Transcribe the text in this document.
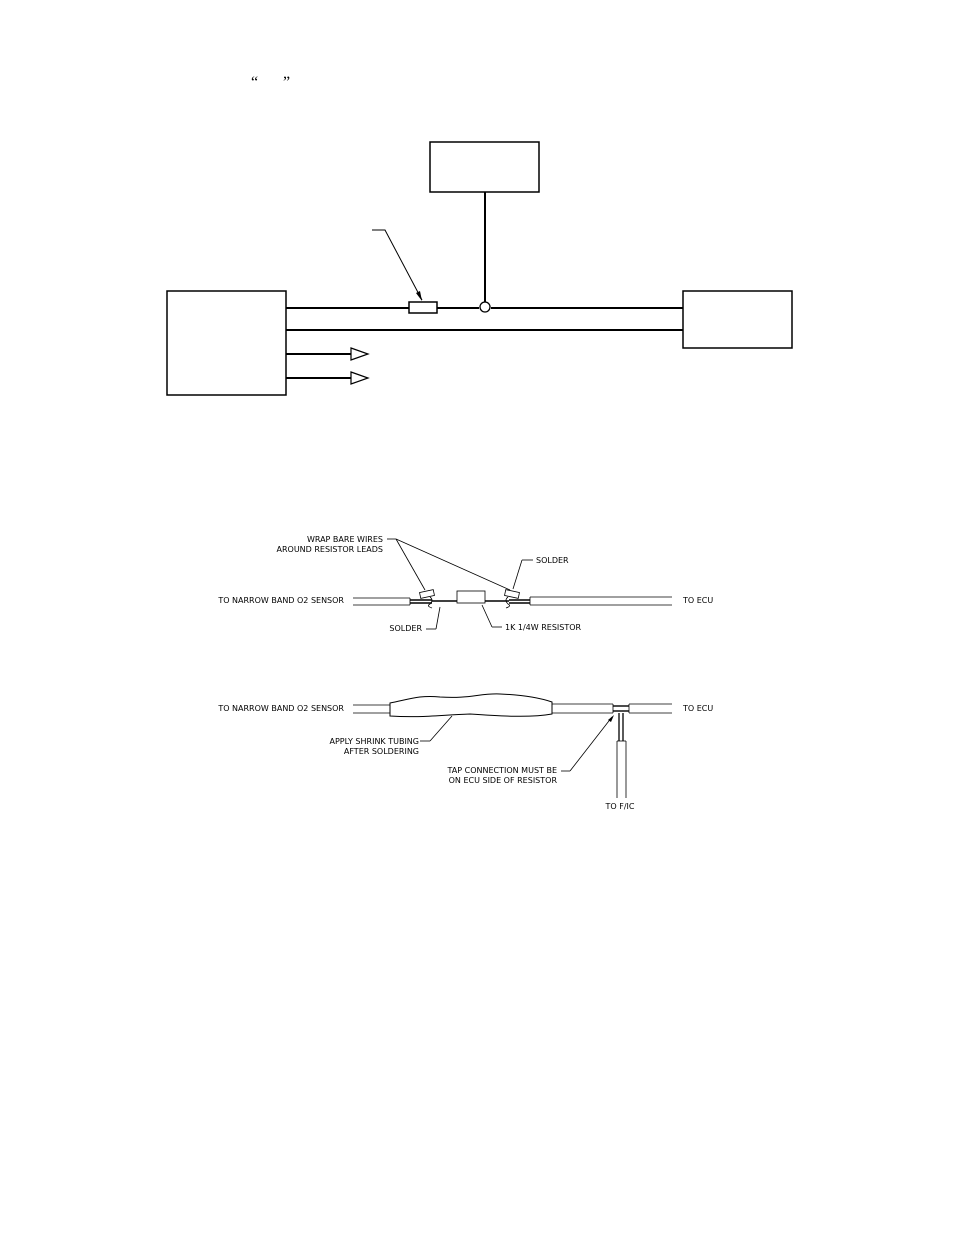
“ ”
WRAP BARE WIRES
AROUND RESISTOR LEADS
SOLDER
TO NARROW BAND O2 SENSOR	TO ECU
SOLDER	1K 1/4W RESISTOR
TO NARROW BAND O2 SENSOR	TO ECU
APPLY SHRINK TUBING
AFTER SOLDERING
TAP CONNECTION MUST BE
ON ECU SIDE OF RESISTOR
TO F/IC
